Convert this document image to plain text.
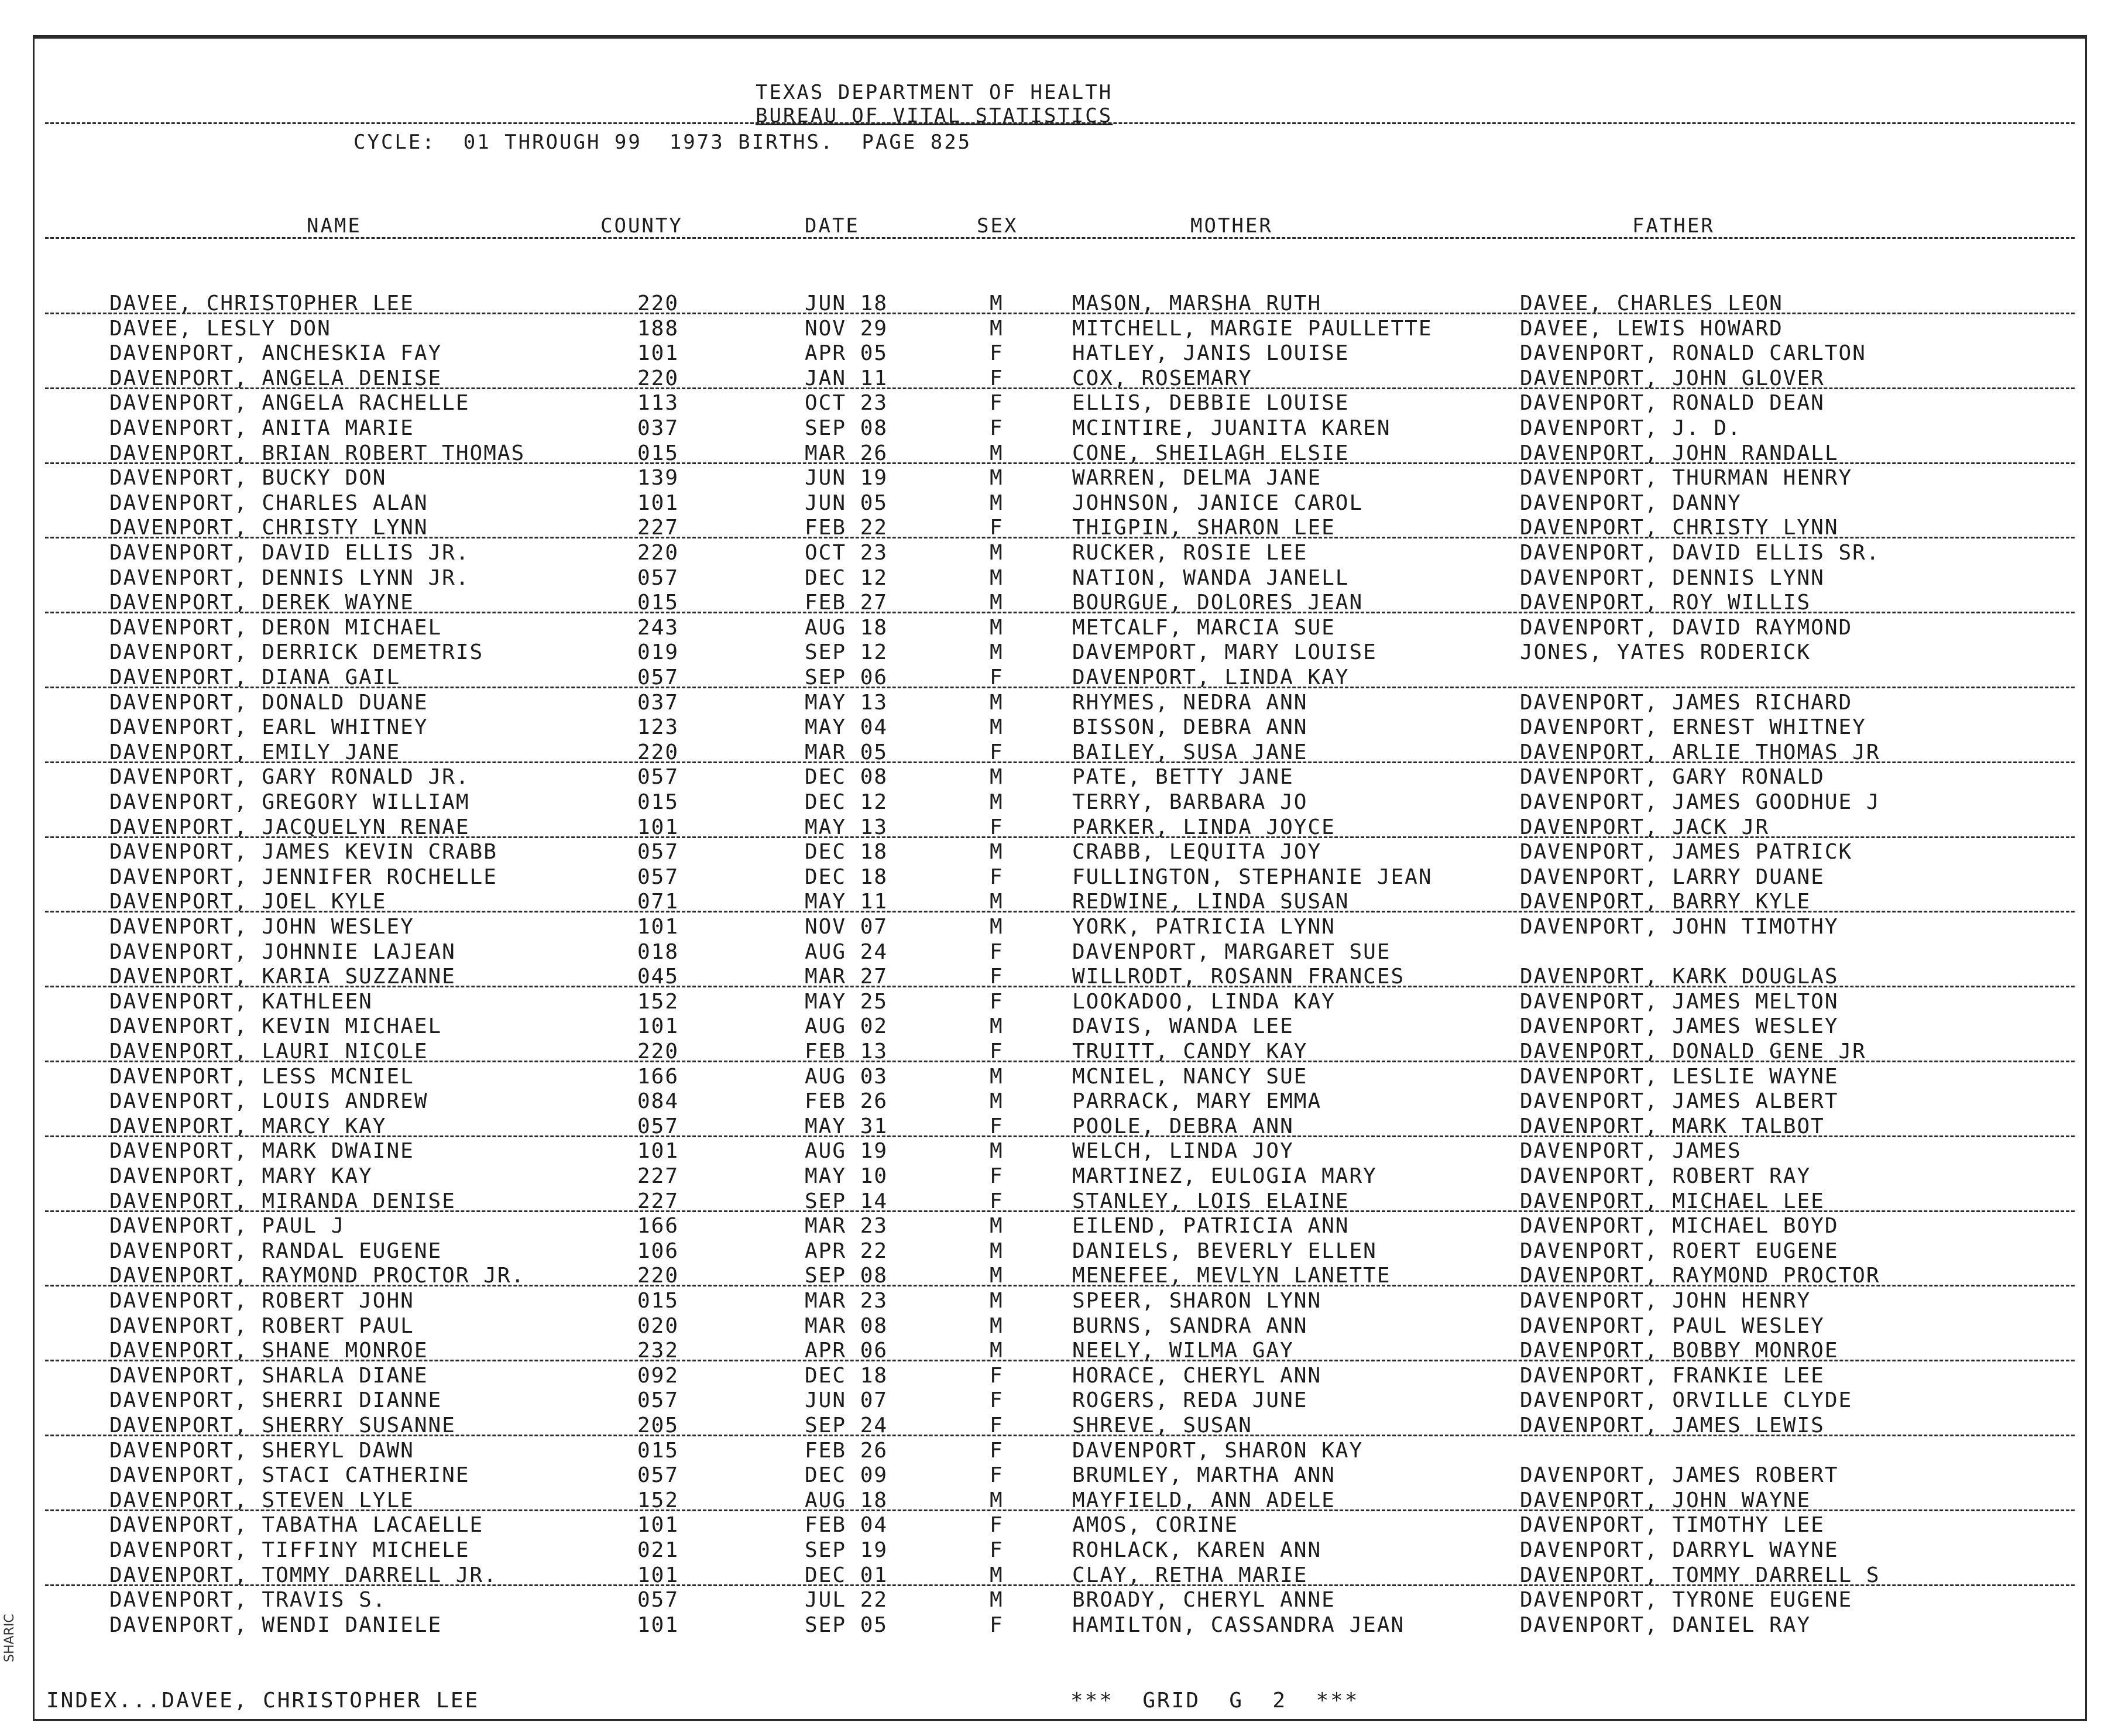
SHARIC
TEXAS DEPARTMENT OF HEALTH
BUREAU OF VITAL STATISTICS
CYCLE:  01 THROUGH 99  1973 BIRTHS.  PAGE 825
NAME	COUNTY	DATE	SEX	MOTHER	FATHER
DAVEE, CHRISTOPHER LEE	220	JUN 18	M	MASON, MARSHA RUTH	DAVEE, CHARLES LEON
DAVEE, LESLY DON	188	NOV 29	M	MITCHELL, MARGIE PAULLETTE	DAVEE, LEWIS HOWARD
DAVENPORT, ANCHESKIA FAY	101	APR 05	F	HATLEY, JANIS LOUISE	DAVENPORT, RONALD CARLTON
DAVENPORT, ANGELA DENISE	220	JAN 11	F	COX, ROSEMARY	DAVENPORT, JOHN GLOVER
DAVENPORT, ANGELA RACHELLE	113	OCT 23	F	ELLIS, DEBBIE LOUISE	DAVENPORT, RONALD DEAN
DAVENPORT, ANITA MARIE	037	SEP 08	F	MCINTIRE, JUANITA KAREN	DAVENPORT, J. D.
DAVENPORT, BRIAN ROBERT THOMAS	015	MAR 26	M	CONE, SHEILAGH ELSIE	DAVENPORT, JOHN RANDALL
DAVENPORT, BUCKY DON	139	JUN 19	M	WARREN, DELMA JANE	DAVENPORT, THURMAN HENRY
DAVENPORT, CHARLES ALAN	101	JUN 05	M	JOHNSON, JANICE CAROL	DAVENPORT, DANNY
DAVENPORT, CHRISTY LYNN	227	FEB 22	F	THIGPIN, SHARON LEE	DAVENPORT, CHRISTY LYNN
DAVENPORT, DAVID ELLIS JR.	220	OCT 23	M	RUCKER, ROSIE LEE	DAVENPORT, DAVID ELLIS SR.
DAVENPORT, DENNIS LYNN JR.	057	DEC 12	M	NATION, WANDA JANELL	DAVENPORT, DENNIS LYNN
DAVENPORT, DEREK WAYNE	015	FEB 27	M	BOURGUE, DOLORES JEAN	DAVENPORT, ROY WILLIS
DAVENPORT, DERON MICHAEL	243	AUG 18	M	METCALF, MARCIA SUE	DAVENPORT, DAVID RAYMOND
DAVENPORT, DERRICK DEMETRIS	019	SEP 12	M	DAVEMPORT, MARY LOUISE	JONES, YATES RODERICK
DAVENPORT, DIANA GAIL	057	SEP 06	F	DAVENPORT, LINDA KAY
DAVENPORT, DONALD DUANE	037	MAY 13	M	RHYMES, NEDRA ANN	DAVENPORT, JAMES RICHARD
DAVENPORT, EARL WHITNEY	123	MAY 04	M	BISSON, DEBRA ANN	DAVENPORT, ERNEST WHITNEY
DAVENPORT, EMILY JANE	220	MAR 05	F	BAILEY, SUSA JANE	DAVENPORT, ARLIE THOMAS JR
DAVENPORT, GARY RONALD JR.	057	DEC 08	M	PATE, BETTY JANE	DAVENPORT, GARY RONALD
DAVENPORT, GREGORY WILLIAM	015	DEC 12	M	TERRY, BARBARA JO	DAVENPORT, JAMES GOODHUE J
DAVENPORT, JACQUELYN RENAE	101	MAY 13	F	PARKER, LINDA JOYCE	DAVENPORT, JACK JR
DAVENPORT, JAMES KEVIN CRABB	057	DEC 18	M	CRABB, LEQUITA JOY	DAVENPORT, JAMES PATRICK
DAVENPORT, JENNIFER ROCHELLE	057	DEC 18	F	FULLINGTON, STEPHANIE JEAN	DAVENPORT, LARRY DUANE
DAVENPORT, JOEL KYLE	071	MAY 11	M	REDWINE, LINDA SUSAN	DAVENPORT, BARRY KYLE
DAVENPORT, JOHN WESLEY	101	NOV 07	M	YORK, PATRICIA LYNN	DAVENPORT, JOHN TIMOTHY
DAVENPORT, JOHNNIE LAJEAN	018	AUG 24	F	DAVENPORT, MARGARET SUE
DAVENPORT, KARIA SUZZANNE	045	MAR 27	F	WILLRODT, ROSANN FRANCES	DAVENPORT, KARK DOUGLAS
DAVENPORT, KATHLEEN	152	MAY 25	F	LOOKADOO, LINDA KAY	DAVENPORT, JAMES MELTON
DAVENPORT, KEVIN MICHAEL	101	AUG 02	M	DAVIS, WANDA LEE	DAVENPORT, JAMES WESLEY
DAVENPORT, LAURI NICOLE	220	FEB 13	F	TRUITT, CANDY KAY	DAVENPORT, DONALD GENE JR
DAVENPORT, LESS MCNIEL	166	AUG 03	M	MCNIEL, NANCY SUE	DAVENPORT, LESLIE WAYNE
DAVENPORT, LOUIS ANDREW	084	FEB 26	M	PARRACK, MARY EMMA	DAVENPORT, JAMES ALBERT
DAVENPORT, MARCY KAY	057	MAY 31	F	POOLE, DEBRA ANN	DAVENPORT, MARK TALBOT
DAVENPORT, MARK DWAINE	101	AUG 19	M	WELCH, LINDA JOY	DAVENPORT, JAMES
DAVENPORT, MARY KAY	227	MAY 10	F	MARTINEZ, EULOGIA MARY	DAVENPORT, ROBERT RAY
DAVENPORT, MIRANDA DENISE	227	SEP 14	F	STANLEY, LOIS ELAINE	DAVENPORT, MICHAEL LEE
DAVENPORT, PAUL J	166	MAR 23	M	EILEND, PATRICIA ANN	DAVENPORT, MICHAEL BOYD
DAVENPORT, RANDAL EUGENE	106	APR 22	M	DANIELS, BEVERLY ELLEN	DAVENPORT, ROERT EUGENE
DAVENPORT, RAYMOND PROCTOR JR.	220	SEP 08	M	MENEFEE, MEVLYN LANETTE	DAVENPORT, RAYMOND PROCTOR
DAVENPORT, ROBERT JOHN	015	MAR 23	M	SPEER, SHARON LYNN	DAVENPORT, JOHN HENRY
DAVENPORT, ROBERT PAUL	020	MAR 08	M	BURNS, SANDRA ANN	DAVENPORT, PAUL WESLEY
DAVENPORT, SHANE MONROE	232	APR 06	M	NEELY, WILMA GAY	DAVENPORT, BOBBY MONROE
DAVENPORT, SHARLA DIANE	092	DEC 18	F	HORACE, CHERYL ANN	DAVENPORT, FRANKIE LEE
DAVENPORT, SHERRI DIANNE	057	JUN 07	F	ROGERS, REDA JUNE	DAVENPORT, ORVILLE CLYDE
DAVENPORT, SHERRY SUSANNE	205	SEP 24	F	SHREVE, SUSAN	DAVENPORT, JAMES LEWIS
DAVENPORT, SHERYL DAWN	015	FEB 26	F	DAVENPORT, SHARON KAY
DAVENPORT, STACI CATHERINE	057	DEC 09	F	BRUMLEY, MARTHA ANN	DAVENPORT, JAMES ROBERT
DAVENPORT, STEVEN LYLE	152	AUG 18	M	MAYFIELD, ANN ADELE	DAVENPORT, JOHN WAYNE
DAVENPORT, TABATHA LACAELLE	101	FEB 04	F	AMOS, CORINE	DAVENPORT, TIMOTHY LEE
DAVENPORT, TIFFINY MICHELE	021	SEP 19	F	ROHLACK, KAREN ANN	DAVENPORT, DARRYL WAYNE
DAVENPORT, TOMMY DARRELL JR.	101	DEC 01	M	CLAY, RETHA MARIE	DAVENPORT, TOMMY DARRELL S
DAVENPORT, TRAVIS S.	057	JUL 22	M	BROADY, CHERYL ANNE	DAVENPORT, TYRONE EUGENE
DAVENPORT, WENDI DANIELE	101	SEP 05	F	HAMILTON, CASSANDRA JEAN	DAVENPORT, DANIEL RAY
INDEX...DAVEE, CHRISTOPHER LEE	***  GRID  G  2  ***
